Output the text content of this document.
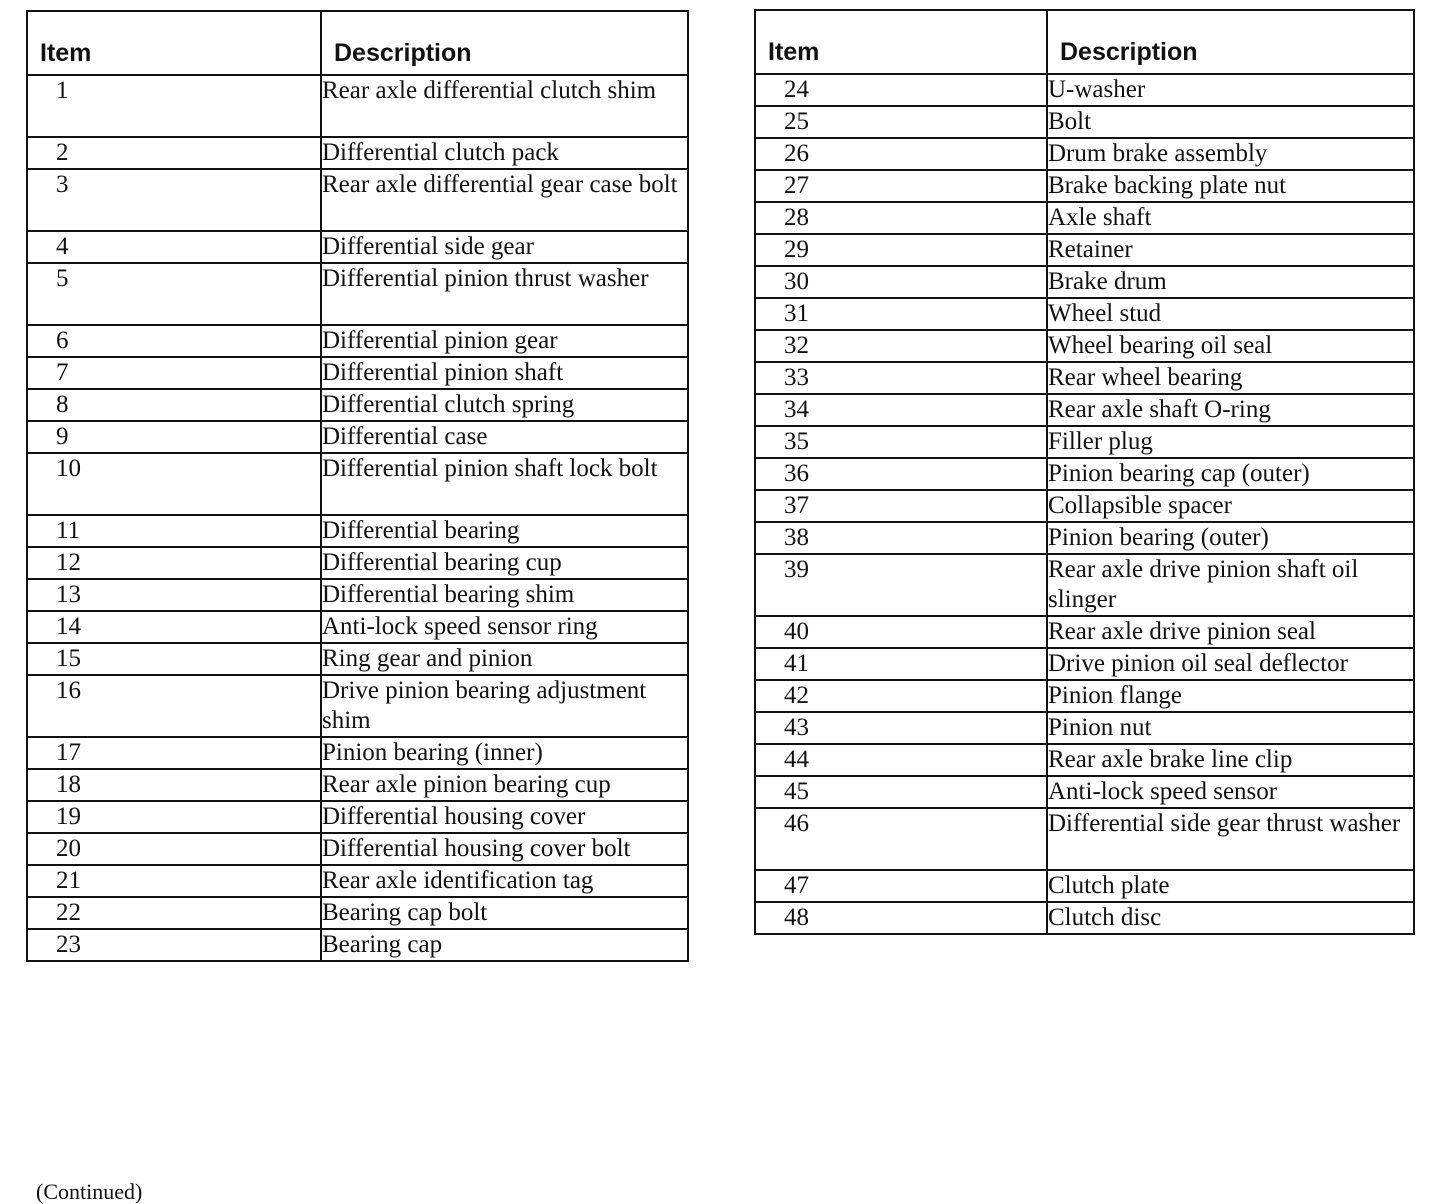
Item	Description
1	Rear axle differential clutch shim
2	Differential clutch pack
3	Rear axle differential gear case bolt
4	Differential side gear
5	Differential pinion thrust washer
6	Differential pinion gear
7	Differential pinion shaft
8	Differential clutch spring
9	Differential case
10	Differential pinion shaft lock bolt
11	Differential bearing
12	Differential bearing cup
13	Differential bearing shim
14	Anti-lock speed sensor ring
15	Ring gear and pinion
16	Drive pinion bearing adjustment shim
17	Pinion bearing (inner)
18	Rear axle pinion bearing cup
19	Differential housing cover
20	Differential housing cover bolt
21	Rear axle identification tag
22	Bearing cap bolt
23	Bearing cap
Item	Description
24	U-washer
25	Bolt
26	Drum brake assembly
27	Brake backing plate nut
28	Axle shaft
29	Retainer
30	Brake drum
31	Wheel stud
32	Wheel bearing oil seal
33	Rear wheel bearing
34	Rear axle shaft O-ring
35	Filler plug
36	Pinion bearing cap (outer)
37	Collapsible spacer
38	Pinion bearing (outer)
39	Rear axle drive pinion shaft oil slinger
40	Rear axle drive pinion seal
41	Drive pinion oil seal deflector
42	Pinion flange
43	Pinion nut
44	Rear axle brake line clip
45	Anti-lock speed sensor
46	Differential side gear thrust washer
47	Clutch plate
48	Clutch disc
(Continued)
